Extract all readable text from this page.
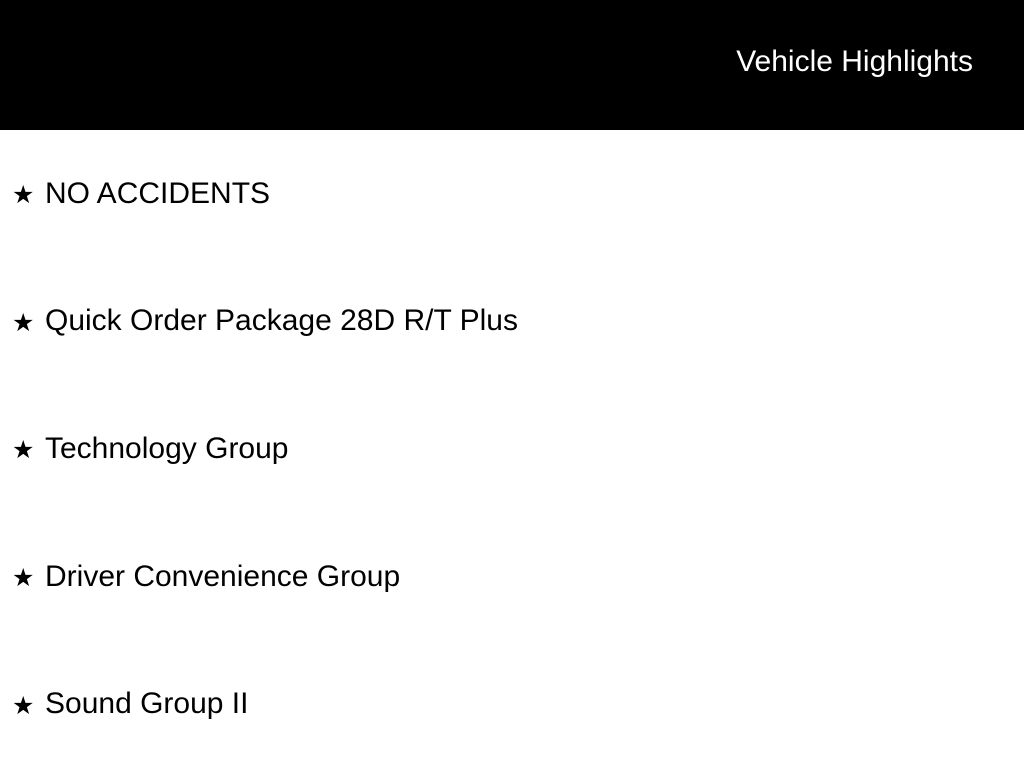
Vehicle Highlights
★ NO ACCIDENTS
★ Quick Order Package 28D R/T Plus
★ Technology Group
★ Driver Convenience Group
★ Sound Group II
